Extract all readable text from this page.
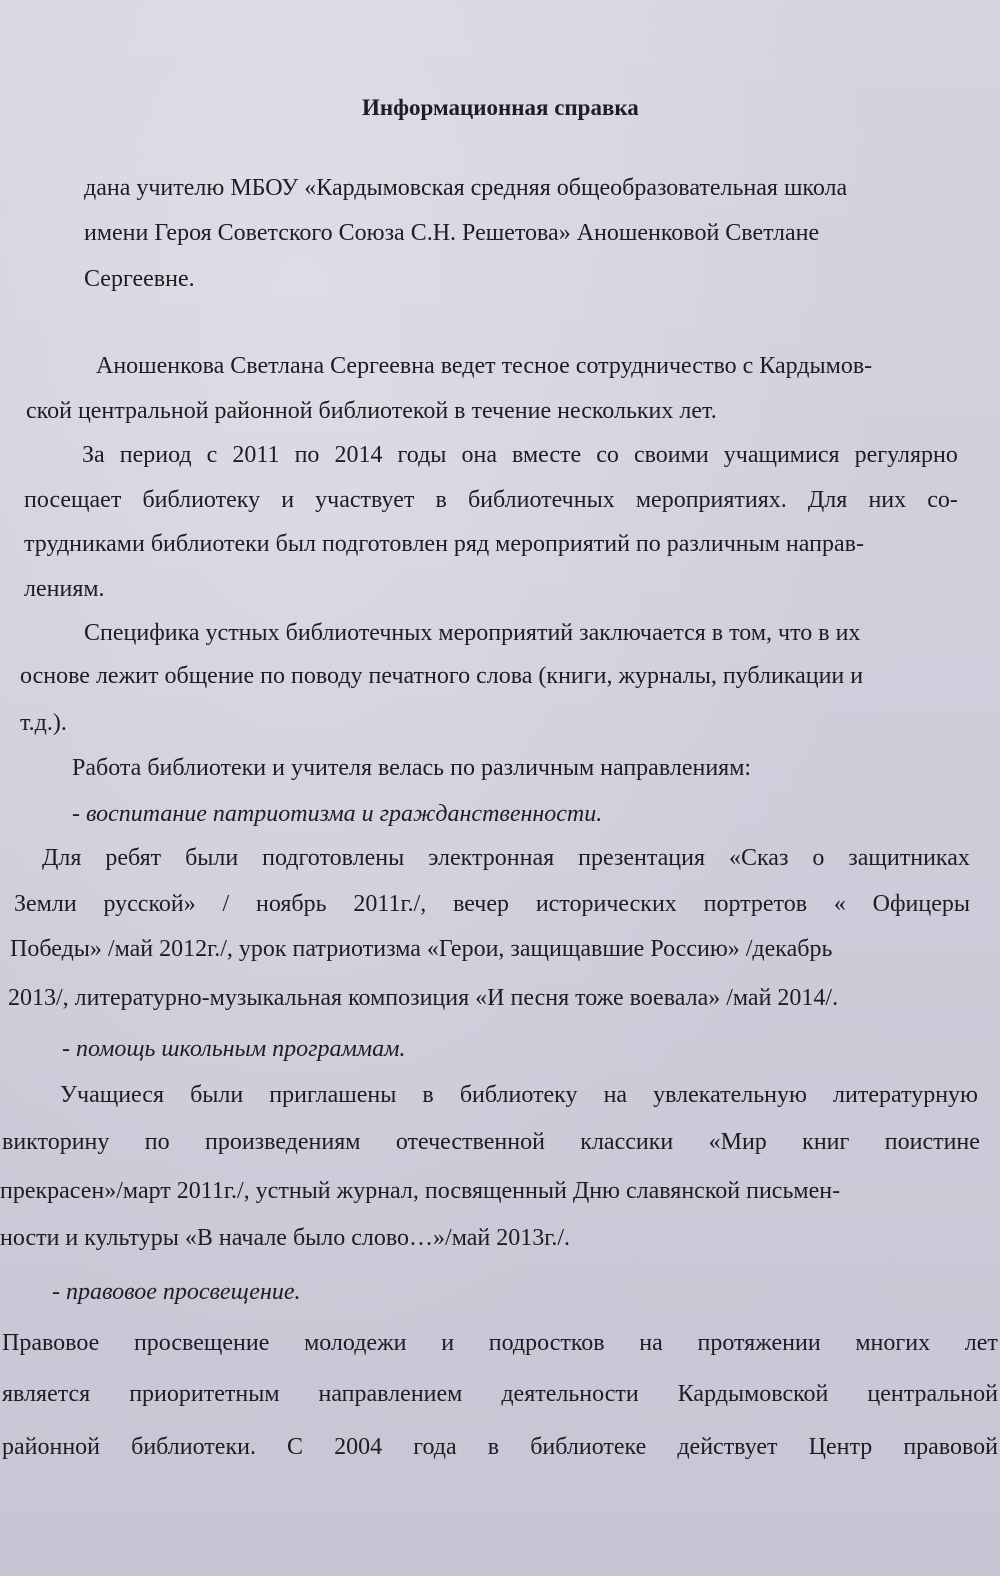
Информационная справка
дана учителю МБОУ «Кардымовская средняя общеобразовательная школа
имени Героя Советского Союза С.Н. Решетова» Аношенковой Светлане
Сергеевне.
Аношенкова Светлана Сергеевна ведет тесное сотрудничество с Кардымов-
ской центральной районной библиотекой в течение нескольких лет.
За период с 2011 по 2014 годы она вместе со своими учащимися регулярно
посещает библиотеку и участвует в библиотечных мероприятиях. Для них со-
трудниками библиотеки был подготовлен ряд мероприятий по различным направ-
лениям.
Специфика устных библиотечных мероприятий заключается в том, что в их
основе лежит общение по поводу печатного слова (книги, журналы, публикации и
т.д.).
Работа библиотеки и учителя велась по различным направлениям:
- воспитание патриотизма и гражданственности.
Для ребят были подготовлены электронная презентация «Сказ о защитниках
Земли русской» / ноябрь 2011г./, вечер исторических портретов « Офицеры
Победы» /май 2012г./, урок патриотизма «Герои, защищавшие Россию» /декабрь
2013/, литературно-музыкальная композиция «И песня тоже воевала» /май 2014/.
- помощь школьным программам.
Учащиеся были приглашены в библиотеку на увлекательную литературную
викторину по произведениям отечественной классики «Мир книг поистине
прекрасен»/март 2011г./, устный журнал, посвященный Дню славянской письмен-
ности и культуры «В начале было слово…»/май 2013г./.
- правовое просвещение.
Правовое просвещение молодежи и подростков на протяжении многих лет
является приоритетным направлением деятельности Кардымовской центральной
районной библиотеки. С 2004 года в библиотеке действует Центр правовой
